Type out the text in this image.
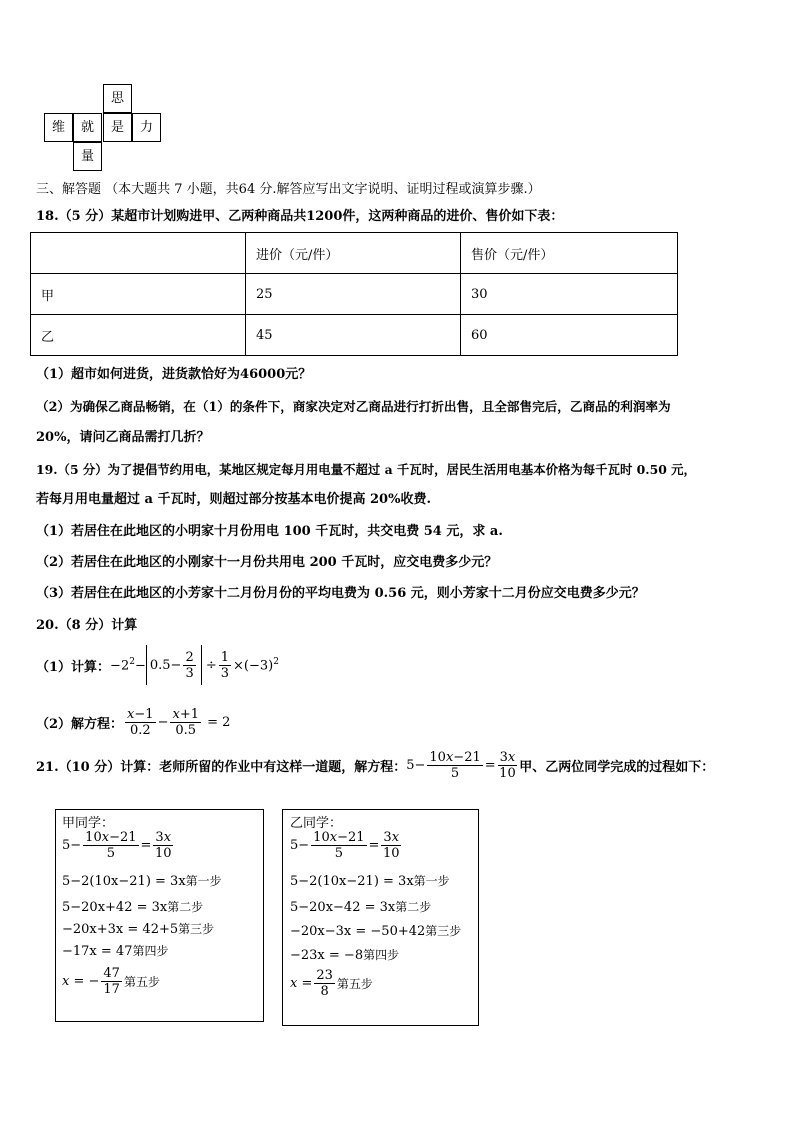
思
维	就	是	力
量
三、解答题 （本大题共 7 小题，共64 分.解答应写出文字说明、证明过程或演算步骤.）
18.（5 分）某超市计划购进甲、乙两种商品共1200件，这两种商品的进价、售价如下表：
	进价（元/件）	售价（元/件）
甲	25	30
乙	45	60
（1）超市如何进货，进货款恰好为46000元？
（2）为确保乙商品畅销，在（1）的条件下，商家决定对乙商品进行打折出售，且全部售完后，乙商品的利润率为
20%，请问乙商品需打几折？
19.（5 分）为了提倡节约用电，某地区规定每月用电量不超过 a 千瓦时，居民生活用电基本价格为每千瓦时 0.50 元，
若每月用电量超过 a 千瓦时，则超过部分按基本电价提高 20%收费.
（1）若居住在此地区的小明家十月份用电 100 千瓦时，共交电费 54 元，求 a.
（2）若居住在此地区的小刚家十一月份共用电 200 千瓦时，应交电费多少元？
（3）若居住在此地区的小芳家十二月份月份的平均电费为 0.56 元，则小芳家十二月份应交电费多少元？
20.（8 分）计算
（1）计算： $-2^2- 0.5- \frac{2}{3} \div \frac{1}{3} \times(-3)^2$
（2）解方程： $\frac{x-1}{0.2} - \frac{x+1}{0.5} = 2$
21.（10 分）计算：老师所留的作业中有这样一道题，解方程： $5- \frac{10x-21}{5} = \frac{3x}{10}$ 甲、乙两位同学完成的过程如下：
甲同学：
$5- \frac{10x-21}{5} = \frac{3x}{10}$
5−2(10x−21) = 3x第一步
5−20x+42 = 3x第二步
−20x+3x = 42+5第三步
−17x = 47第四步
x = − $\frac{47}{17}$ 第五步
乙同学：
$5- \frac{10x-21}{5} = \frac{3x}{10}$
5−2(10x−21) = 3x第一步
5−20x−42 = 3x第二步
−20x−3x = −50+42第三步
−23x = −8第四步
$x = \frac{23}{8}$ 第五步
